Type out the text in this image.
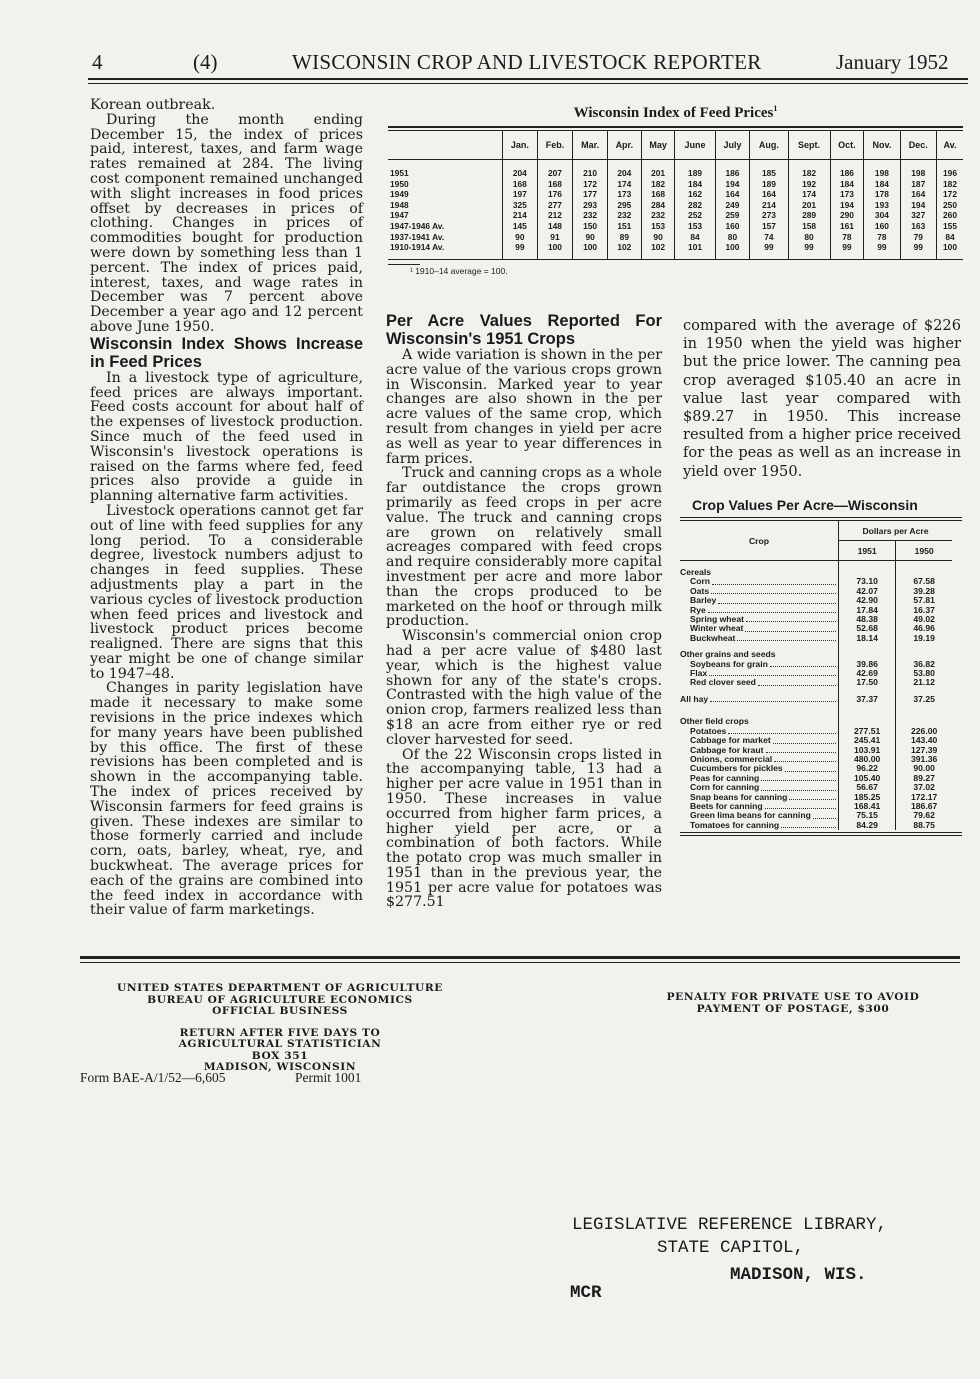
4	(4)	WISCONSIN CROP AND LIVESTOCK REPORTER	January 1952

Korean outbreak.

During the month ending December 15, the index of prices paid, interest, taxes, and farm wage rates remained at 284. The living cost component remained unchanged with slight increases in food prices offset by decreases in prices of clothing. Changes in prices of commodities bought for production were down by something less than 1 percent. The index of prices paid, interest, taxes, and wage rates in December was 7 percent above December a year ago and 12 percent above June 1950.

Wisconsin Index Shows Increase in Feed Prices

In a livestock type of agriculture, feed prices are always important. Feed costs account for about half of the expenses of livestock production. Since much of the feed used in Wisconsin's livestock operations is raised on the farms where fed, feed prices also provide a guide in planning alternative farm activities.

Livestock operations cannot get far out of line with feed supplies for any long period. To a considerable degree, livestock numbers adjust to changes in feed supplies. These adjustments play a part in the various cycles of livestock production when feed prices and livestock and livestock product prices become realigned. There are signs that this year might be one of change similar to 1947–48.

Changes in parity legislation have made it necessary to make some revisions in the price indexes which for many years have been published by this office. The first of these revisions has been completed and is shown in the accompanying table. The index of prices received by Wisconsin farmers for feed grains is given. These indexes are similar to those formerly carried and include corn, oats, barley, wheat, rye, and buckwheat. The average prices for each of the grains are combined into the feed index in accordance with their value of farm marketings.

Wisconsin Index of Feed Prices$^1$
	Jan.	Feb.	Mar.	Apr.	May	June	July	Aug.	Sept.	Oct.	Nov.	Dec.	Av.
1951	204	207	210	204	201	189	186	185	182	186	198	198	196
1950	168	168	172	174	182	184	194	189	192	184	184	187	182
1949	197	176	177	173	168	162	164	164	174	173	178	164	172
1948	325	277	293	295	284	282	249	214	201	194	193	194	250
1947	214	212	232	232	232	252	259	273	289	290	304	327	260
1947-1946 Av.	145	148	150	151	153	153	160	157	158	161	160	163	155
1937-1941 Av.	90	91	90	89	90	84	80	74	80	78	78	79	84
1910-1914 Av.	99	100	100	102	102	101	100	99	99	99	99	99	100
¹ 1910–14 average = 100.

Per Acre Values Reported For Wisconsin's 1951 Crops

A wide variation is shown in the per acre value of the various crops grown in Wisconsin. Marked year to year changes are also shown in the per acre values of the same crop, which result from changes in yield per acre as well as year to year differences in farm prices.

Truck and canning crops as a whole far outdistance the crops grown primarily as feed crops in per acre value. The truck and canning crops are grown on relatively small acreages compared with feed crops and require considerably more capital investment per acre and more labor than the crops produced to be marketed on the hoof or through milk production.

Wisconsin's commercial onion crop had a per acre value of $480 last year, which is the highest value shown for any of the state's crops. Contrasted with the high value of the onion crop, farmers realized less than $18 an acre from either rye or red clover harvested for seed.

Of the 22 Wisconsin crops listed in the accompanying table, 13 had a higher per acre value in 1951 than in 1950. These increases in value occurred from higher farm prices, a higher yield per acre, or a combination of both factors. While the potato crop was much smaller in 1951 than in the previous year, the 1951 per acre value for potatoes was $277.51

compared with the average of $226 in 1950 when the yield was higher but the price lower. The canning pea crop averaged $105.40 an acre in value last year compared with $89.27 in 1950. This increase resulted from a higher price received for the peas as well as an increase in yield over 1950.

Crop Values Per Acre—Wisconsin
Crop	Dollars per Acre	
	1951	1950
Cereals		

Corn	73.10	67.58

Oats	42.07	39.28

Barley	42.90	57.81

Rye	17.84	16.37

Spring wheat	48.38	49.02

Winter wheat	52.68	46.96

Buckwheat	18.14	19.19
Other grains and seeds		

Soybeans for grain	39.86	36.82

Flax	42.69	53.80

Red clover seed	17.50	21.12

All hay	37.37	37.25

Other field crops		

Potatoes	277.51	226.00

Cabbage for market	245.41	143.40

Cabbage for kraut	103.91	127.39

Onions, commercial	480.00	391.36

Cucumbers for pickles	96.22	90.00

Peas for canning	105.40	89.27

Corn for canning	56.67	37.02

Snap beans for canning	185.25	172.17

Beets for canning	168.41	186.67

Green lima beans for canning	75.15	79.62

Tomatoes for canning	84.29	88.75
UNITED STATES DEPARTMENT OF AGRICULTURE
BUREAU OF AGRICULTURE ECONOMICS
OFFICIAL BUSINESS
RETURN AFTER FIVE DAYS TO
AGRICULTURAL STATISTICIAN
BOX 351
MADISON, WISCONSIN
Form BAE-A/1/52—6,605	Permit 1001
PENALTY FOR PRIVATE USE TO AVOID
PAYMENT OF POSTAGE, $300
LEGISLATIVE REFERENCE LIBRARY,
STATE CAPITOL,
MADISON, WIS.
MCR
